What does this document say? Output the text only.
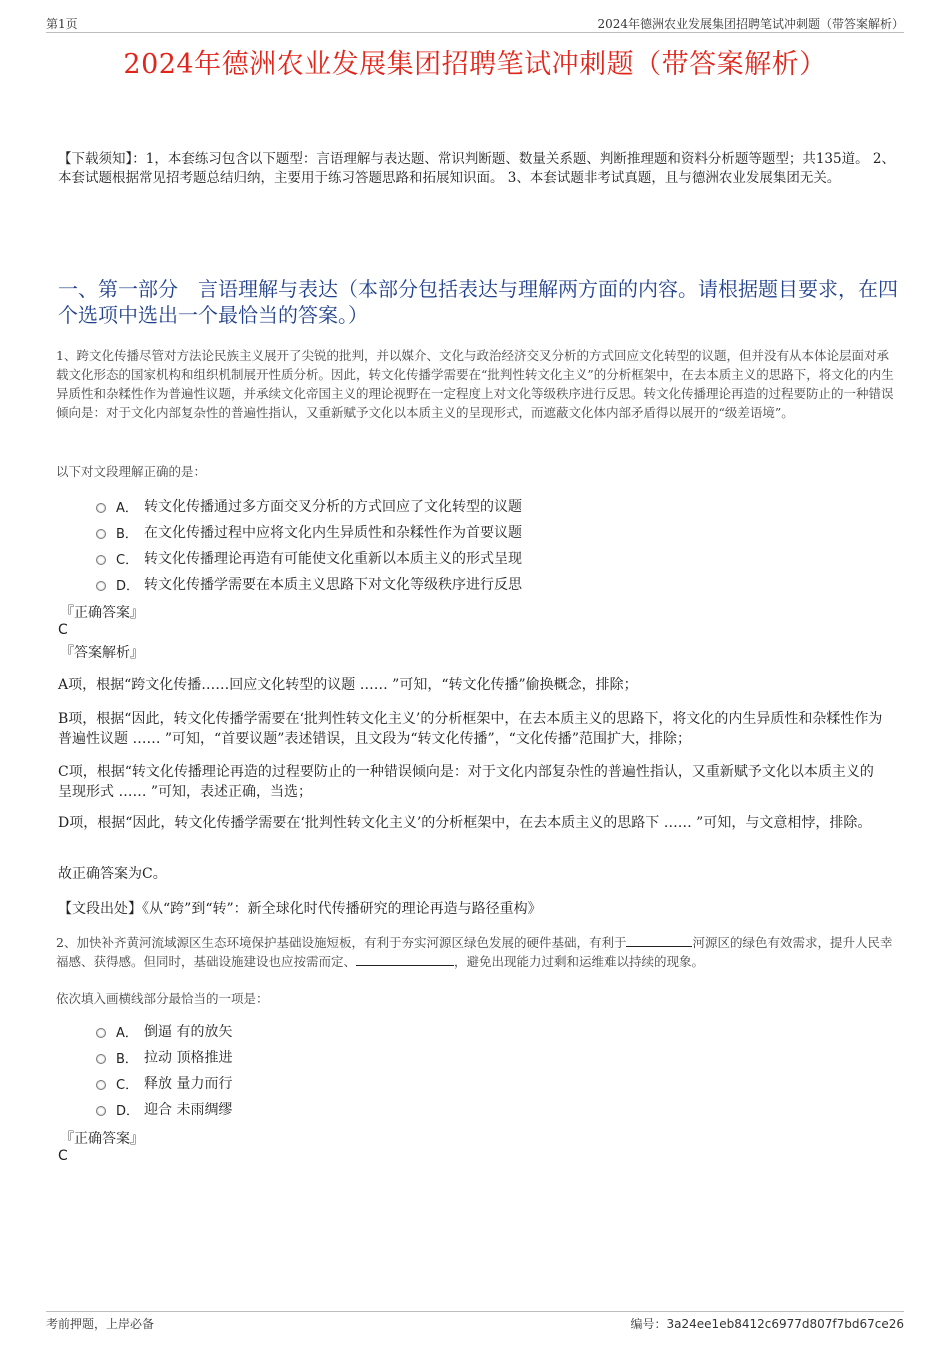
第1页	2024年德洲农业发展集团招聘笔试冲刺题（带答案解析）
2024年德洲农业发展集团招聘笔试冲刺题（带答案解析）
【下载须知】：1，本套练习包含以下题型：言语理解与表达题、常识判断题、数量关系题、判断推理题和资料分析题等题型；共135道。 2、本套试题根据常见招考题总结归纳，主要用于练习答题思路和拓展知识面。 3、本套试题非考试真题，且与德洲农业发展集团无关。
一、第一部分　言语理解与表达（本部分包括表达与理解两方面的内容。请根据题目要求，在四个选项中选出一个最恰当的答案。）
1、跨文化传播尽管对方法论民族主义展开了尖锐的批判，并以媒介、文化与政治经济交叉分析的方式回应文化转型的议题，但并没有从本体论层面对承载文化形态的国家机构和组织机制展开性质分析。因此，转文化传播学需要在“批判性转文化主义”的分析框架中，在去本质主义的思路下，将文化的内生异质性和杂糅性作为普遍性议题，并承续文化帝国主义的理论视野在一定程度上对文化等级秩序进行反思。转文化传播理论再造的过程要防止的一种错误倾向是：对于文化内部复杂性的普遍性指认，又重新赋予文化以本质主义的呈现形式，而遮蔽文化体内部矛盾得以展开的“级差语境”。
以下对文段理解正确的是：
A． 转文化传播通过多方面交叉分析的方式回应了文化转型的议题
B． 在文化传播过程中应将文化内生异质性和杂糅性作为首要议题
C． 转文化传播理论再造有可能使文化重新以本质主义的形式呈现
D． 转文化传播学需要在本质主义思路下对文化等级秩序进行反思
『正确答案』
C
『答案解析』
A项，根据“跨文化传播……回应文化转型的议题 …… ”可知，“转文化传播”偷换概念，排除；
B项，根据“因此，转文化传播学需要在‘批判性转文化主义’的分析框架中，在去本质主义的思路下，将文化的内生异质性和杂糅性作为普遍性议题 …… ”可知，“首要议题”表述错误，且文段为“转文化传播”，“文化传播”范围扩大，排除；
C项，根据“转文化传播理论再造的过程要防止的一种错误倾向是：对于文化内部复杂性的普遍性指认，又重新赋予文化以本质主义的呈现形式 …… ”可知，表述正确，当选；
D项，根据“因此，转文化传播学需要在‘批判性转文化主义’的分析框架中，在去本质主义的思路下 …… ”可知，与文意相悖，排除。
故正确答案为C。
【文段出处】《从“跨”到“转”：新全球化时代传播研究的理论再造与路径重构》
2、加快补齐黄河流域源区生态环境保护基础设施短板，有利于夯实河源区绿色发展的硬件基础，有利于	河源区的绿色有效需求，提升人民幸福感、获得感。但同时，基础设施建设也应按需而定、	，避免出现能力过剩和运维难以持续的现象。
依次填入画横线部分最恰当的一项是：
A． 倒逼 有的放矢
B． 拉动 顶格推进
C． 释放 量力而行
D． 迎合 未雨绸缪
『正确答案』
C
考前押题，上岸必备	编号：3a24ee1eb8412c6977d807f7bd67ce26
